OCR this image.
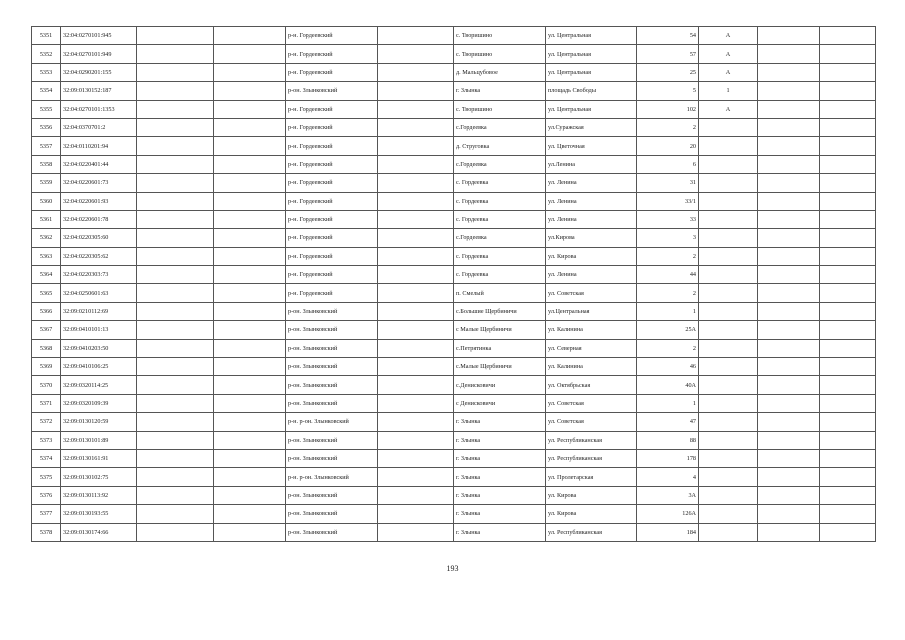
5351	32:04:0270101:945			р-н. Гордеевский		с. Творишино	ул. Центральная	54	А		
5352	32:04:0270101:949			р-н. Гордеевский		с. Творишино	ул. Центральная	57	А		
5353	32:04:0290201:155			р-н. Гордеевский		д. Мальцубовое	ул. Центральная	25	А		
5354	32:09:0130152:187			р-он. Злынковский		г. Злынка	площадь Свободы	5	1		
5355	32:04:0270101:1353			р-н. Гордеевский		с. Творишино	ул. Центральная	102	А		
5356	32:04:0370701:2			р-н. Гордеевский		с.Гордеевка	ул.Суражская	2			
5357	32:04:0110201:94			р-н. Гордеевский		д. Струговка	ул. Цветочная	20			
5358	32:04:0220401:44			р-н. Гордеевский		с.Гордеевка	ул.Ленина	6			
5359	32:04:0220601:73			р-н. Гордеевский		с. Гордеевка	ул. Ленина	31			
5360	32:04:0220601:93			р-н. Гордеевский		с. Гордеевка	ул. Ленина	33/1			
5361	32:04:0220601:78			р-н. Гордеевский		с. Гордеевка	ул. Ленина	33			
5362	32:04:0220305:60			р-н. Гордеевский		с.Гордеевка	ул.Кирова	3			
5363	32:04:0220305:62			р-н. Гордеевский		с. Гордеевка	ул. Кирова	2			
5364	32:04:0220303:73			р-н. Гордеевский		с. Гордеевка	ул. Ленина	44			
5365	32:04:0250601:63			р-н. Гордеевский		п. Смелый	ул. Советская	2			
5366	32:09:0210112:69			р-он. Злынковский		с.Большие Щербиничи	ул.Центральная	1			
5367	32:09:0410101:13			р-он. Злынковский		с Малые Щербиничи	ул. Калинина	25А			
5368	32:09:0410203:50			р-он. Злынковский		с.Петрятинка	ул. Северная	2			
5369	32:09:0410106:25			р-он. Злынковский		с.Малые Щербиничи	ул. Калинина	46			
5370	32:09:0320114:25			р-он. Злынковский		с.Денисковичи	ул. Октябрьская	40А			
5371	32:09:0320109:39			р-он. Злынковский		с Денисковичи	ул. Советская	1			
5372	32:09:0130120:59			р-н. р-он. Злынковский		г. Злынка	ул. Советская	47			
5373	32:09:0130101:89			р-он. Злынковский		г. Злынка	ул. Республиканская	88			
5374	32:09:0130161:91			р-он. Злынковский		г. Злынка	ул. Республиканская	178			
5375	32:09:0130102:75			р-н. р-он. Злынковский		г. Злынка	ул. Пролетарская	4			
5376	32:09:0130113:92			р-он. Злынковский		г. Злынка	ул. Кирова	3А			
5377	32:09:0130193:55			р-он. Злынковский		г. Злынка	ул. Кирова	126А			
5378	32:09:0130174:66			р-он. Злынковский		г. Злынка	ул. Республиканская	184			
193
